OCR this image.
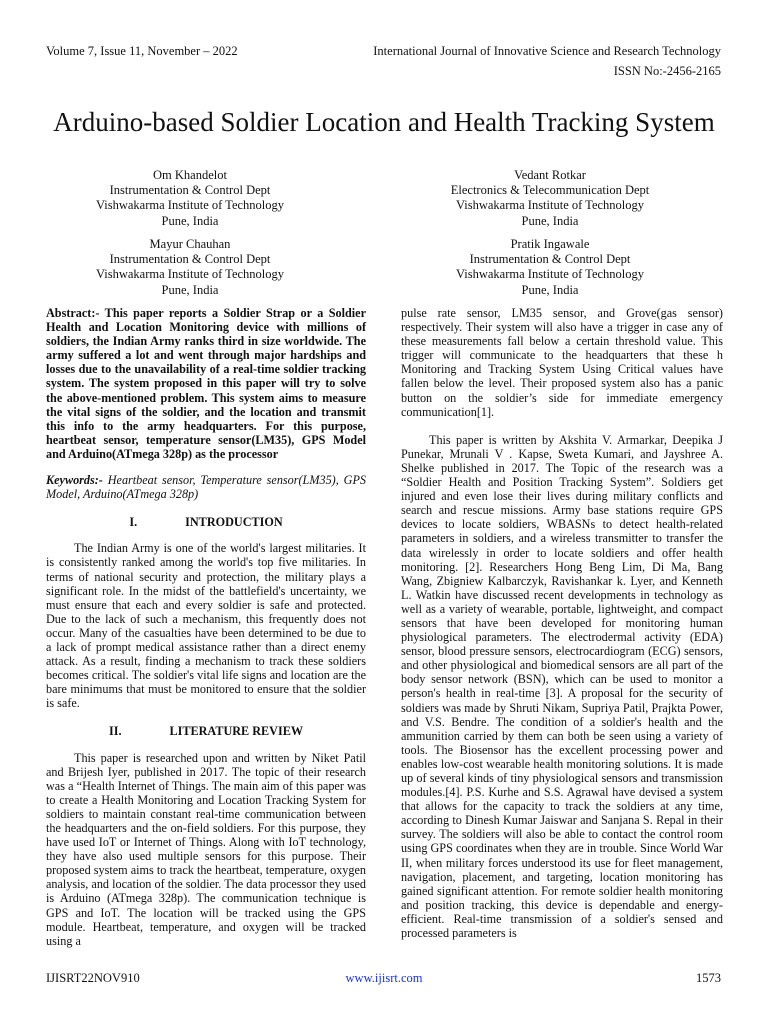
Volume 7, Issue 11, November – 2022	International Journal of Innovative Science and Research Technology
ISSN No:-2456-2165
Arduino-based Soldier Location and Health Tracking System
Om Khandelot
Instrumentation & Control Dept
Vishwakarma Institute of Technology
Pune, India
Vedant Rotkar
Electronics & Telecommunication Dept
Vishwakarma Institute of Technology
Pune, India
Mayur Chauhan
Instrumentation & Control Dept
Vishwakarma Institute of Technology
Pune, India
Pratik Ingawale
Instrumentation & Control Dept
Vishwakarma Institute of Technology
Pune, India

Abstract:- This paper reports a Soldier Strap or a Soldier Health and Location Monitoring device with millions of soldiers, the Indian Army ranks third in size worldwide. The army suffered a lot and went through major hardships and losses due to the unavailability of a real-time soldier tracking system. The system proposed in this paper will try to solve the above-mentioned problem. This system aims to measure the vital signs of the soldier, and the location and transmit this info to the army headquarters. For this purpose, heartbeat sensor, temperature sensor(LM35), GPS Model and Arduino(ATmega 328p) as the processor

Keywords:- Heartbeat sensor, Temperature sensor(LM35), GPS Model, Arduino(ATmega 328p)

I.	INTRODUCTION

The Indian Army is one of the world's largest militaries. It is consistently ranked among the world's top five militaries. In terms of national security and protection, the military plays a significant role. In the midst of the battlefield's uncertainty, we must ensure that each and every soldier is safe and protected. Due to the lack of such a mechanism, this frequently does not occur. Many of the casualties have been determined to be due to a lack of prompt medical assistance rather than a direct enemy attack. As a result, finding a mechanism to track these soldiers becomes critical. The soldier's vital life signs and location are the bare minimums that must be monitored to ensure that the soldier is safe.

II.	LITERATURE REVIEW

This paper is researched upon and written by Niket Patil and Brijesh Iyer, published in 2017. The topic of their research was a “Health Internet of Things. The main aim of this paper was to create a Health Monitoring and Location Tracking System for soldiers to maintain constant real-time communication between the headquarters and the on-field soldiers. For this purpose, they have used IoT or Internet of Things. Along with IoT technology, they have also used multiple sensors for this purpose. Their proposed system aims to track the heartbeat, temperature, oxygen analysis, and location of the soldier. The data processor they used is Arduino (ATmega 328p). The communication technique is GPS and IoT. The location will be tracked using the GPS module. Heartbeat, temperature, and oxygen will be tracked using a

pulse rate sensor, LM35 sensor, and Grove(gas sensor) respectively. Their system will also have a trigger in case any of these measurements fall below a certain threshold value. This trigger will communicate to the headquarters that these h Monitoring and Tracking System Using Critical values have fallen below the level. Their proposed system also has a panic button on the soldier’s side for immediate emergency communication[1].

This paper is written by Akshita V. Armarkar, Deepika J Punekar, Mrunali V . Kapse, Sweta Kumari, and Jayshree A. Shelke published in 2017. The Topic of the research was a “Soldier Health and Position Tracking System”. Soldiers get injured and even lose their lives during military conflicts and search and rescue missions. Army base stations require GPS devices to locate soldiers, WBASNs to detect health-related parameters in soldiers, and a wireless transmitter to transfer the data wirelessly in order to locate soldiers and offer health monitoring. [2]. Researchers Hong Beng Lim, Di Ma, Bang Wang, Zbigniew Kalbarczyk, Ravishankar k. Lyer, and Kenneth L. Watkin have discussed recent developments in technology as well as a variety of wearable, portable, lightweight, and compact sensors that have been developed for monitoring human physiological parameters. The electrodermal activity (EDA) sensor, blood pressure sensors, electrocardiogram (ECG) sensors, and other physiological and biomedical sensors are all part of the body sensor network (BSN), which can be used to monitor a person's health in real-time [3]. A proposal for the security of soldiers was made by Shruti Nikam, Supriya Patil, Prajkta Power, and V.S. Bendre. The condition of a soldier's health and the ammunition carried by them can both be seen using a variety of tools. The Biosensor has the excellent processing power and enables low-cost wearable health monitoring solutions. It is made up of several kinds of tiny physiological sensors and transmission modules.[4]. P.S. Kurhe and S.S. Agrawal have devised a system that allows for the capacity to track the soldiers at any time, according to Dinesh Kumar Jaiswar and Sanjana S. Repal in their survey. The soldiers will also be able to contact the control room using GPS coordinates when they are in trouble. Since World War II, when military forces understood its use for fleet management, navigation, placement, and targeting, location monitoring has gained significant attention. For remote soldier health monitoring and position tracking, this device is dependable and energy-efficient. Real-time transmission of a soldier's sensed and processed parameters is

IJISRT22NOV910	www.ijisrt.com	1573
